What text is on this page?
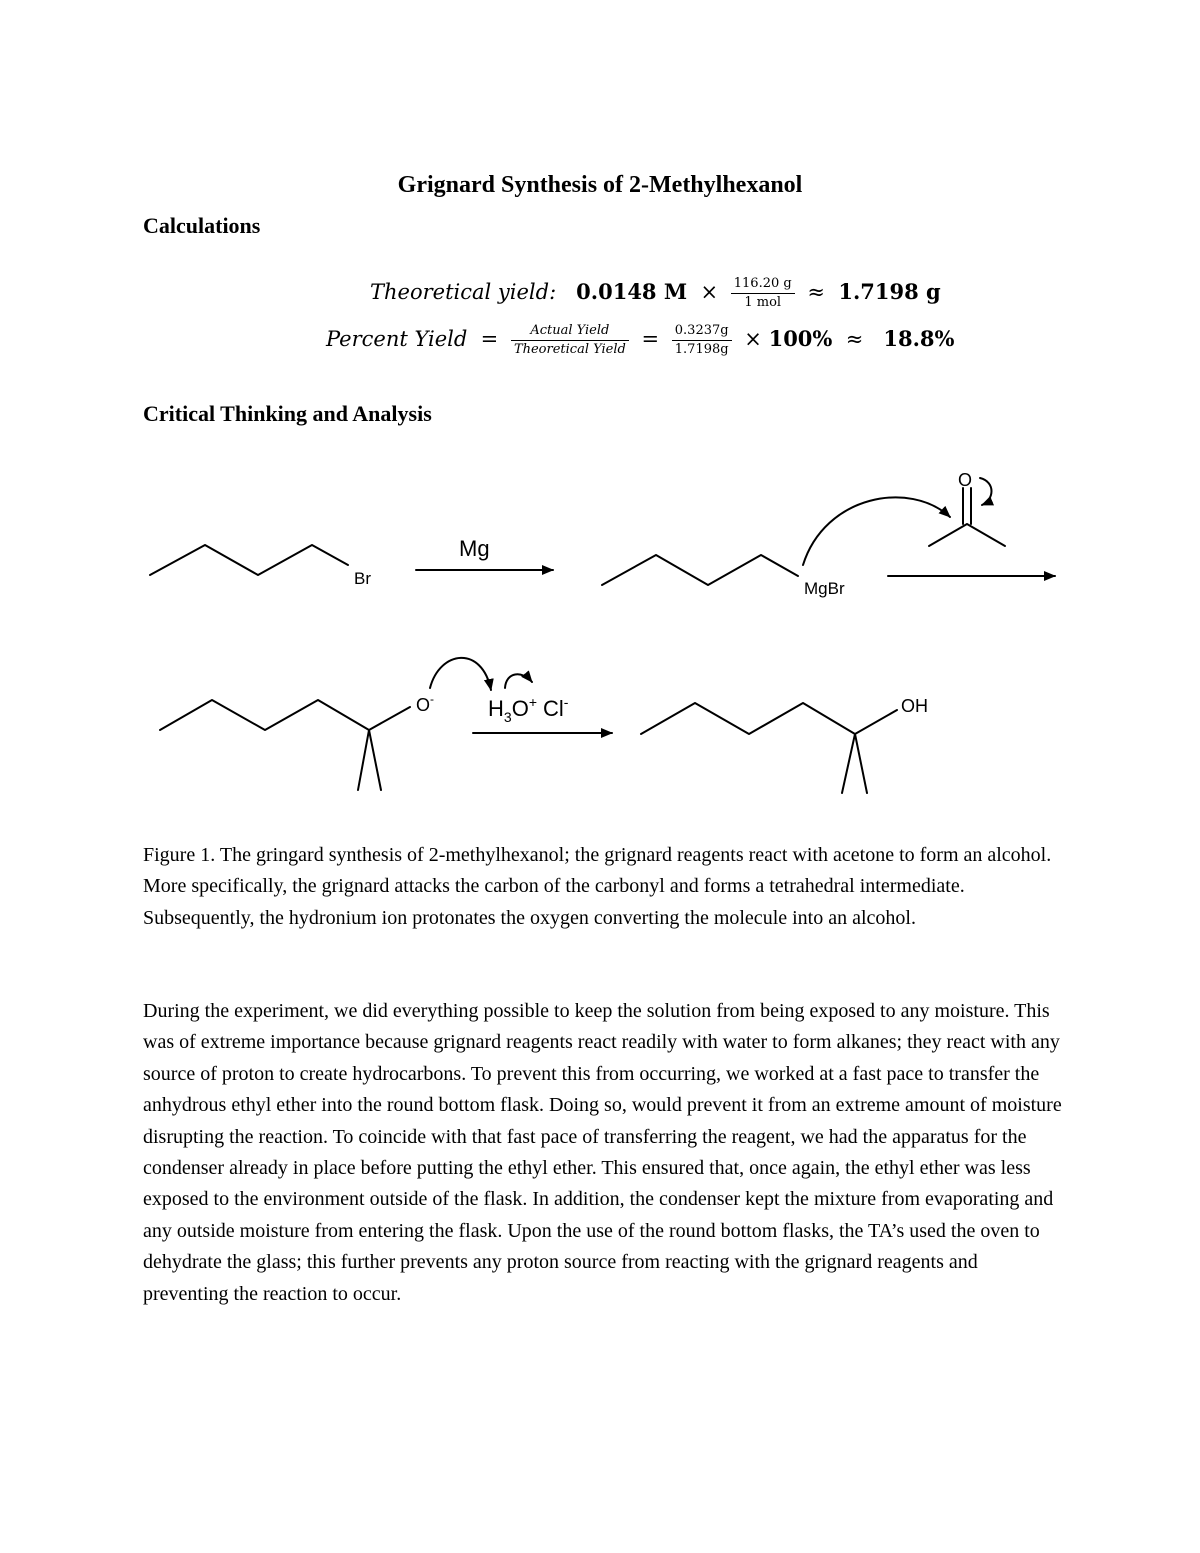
Grignard Synthesis of 2-Methylhexanol
Calculations
Theoretical yield: 0.0148 $M \times \frac{116.20 g}{\text{1 mol}} \approx 1.7198$ g
Percent Yield = $\frac{\text{Actual Yield}}{\text{Theoretical Yield}} = \frac{0.3237g}{1.7198g} \times 100\% \approx 18.8\%$
Critical Thinking and Analysis
Br
Mg
MgBr
O
O- $H_3O^+$ Cl-	OH

Figure 1. The gringard synthesis of 2-methylhexanol; the grignard reagents react with acetone to form an alcohol. More specifically, the grignard attacks the carbon of the carbonyl and forms a tetrahedral intermediate. Subsequently, the hydronium ion protonates the oxygen converting the molecule into an alcohol.

During the experiment, we did everything possible to keep the solution from being exposed to any moisture. This was of extreme importance because grignard reagents react readily with water to form alkanes; they react with any source of proton to create hydrocarbons. To prevent this from occurring, we worked at a fast pace to transfer the anhydrous ethyl ether into the round bottom flask. Doing so, would prevent it from an extreme amount of moisture disrupting the reaction. To coincide with that fast pace of transferring the reagent, we had the apparatus for the condenser already in place before putting the ethyl ether. This ensured that, once again, the ethyl ether was less exposed to the environment outside of the flask. In addition, the condenser kept the mixture from evaporating and any outside moisture from entering the flask. Upon the use of the round bottom flasks, the TA’s used the oven to dehydrate the glass; this further prevents any proton source from reacting with the grignard reagents and preventing the reaction to occur.
